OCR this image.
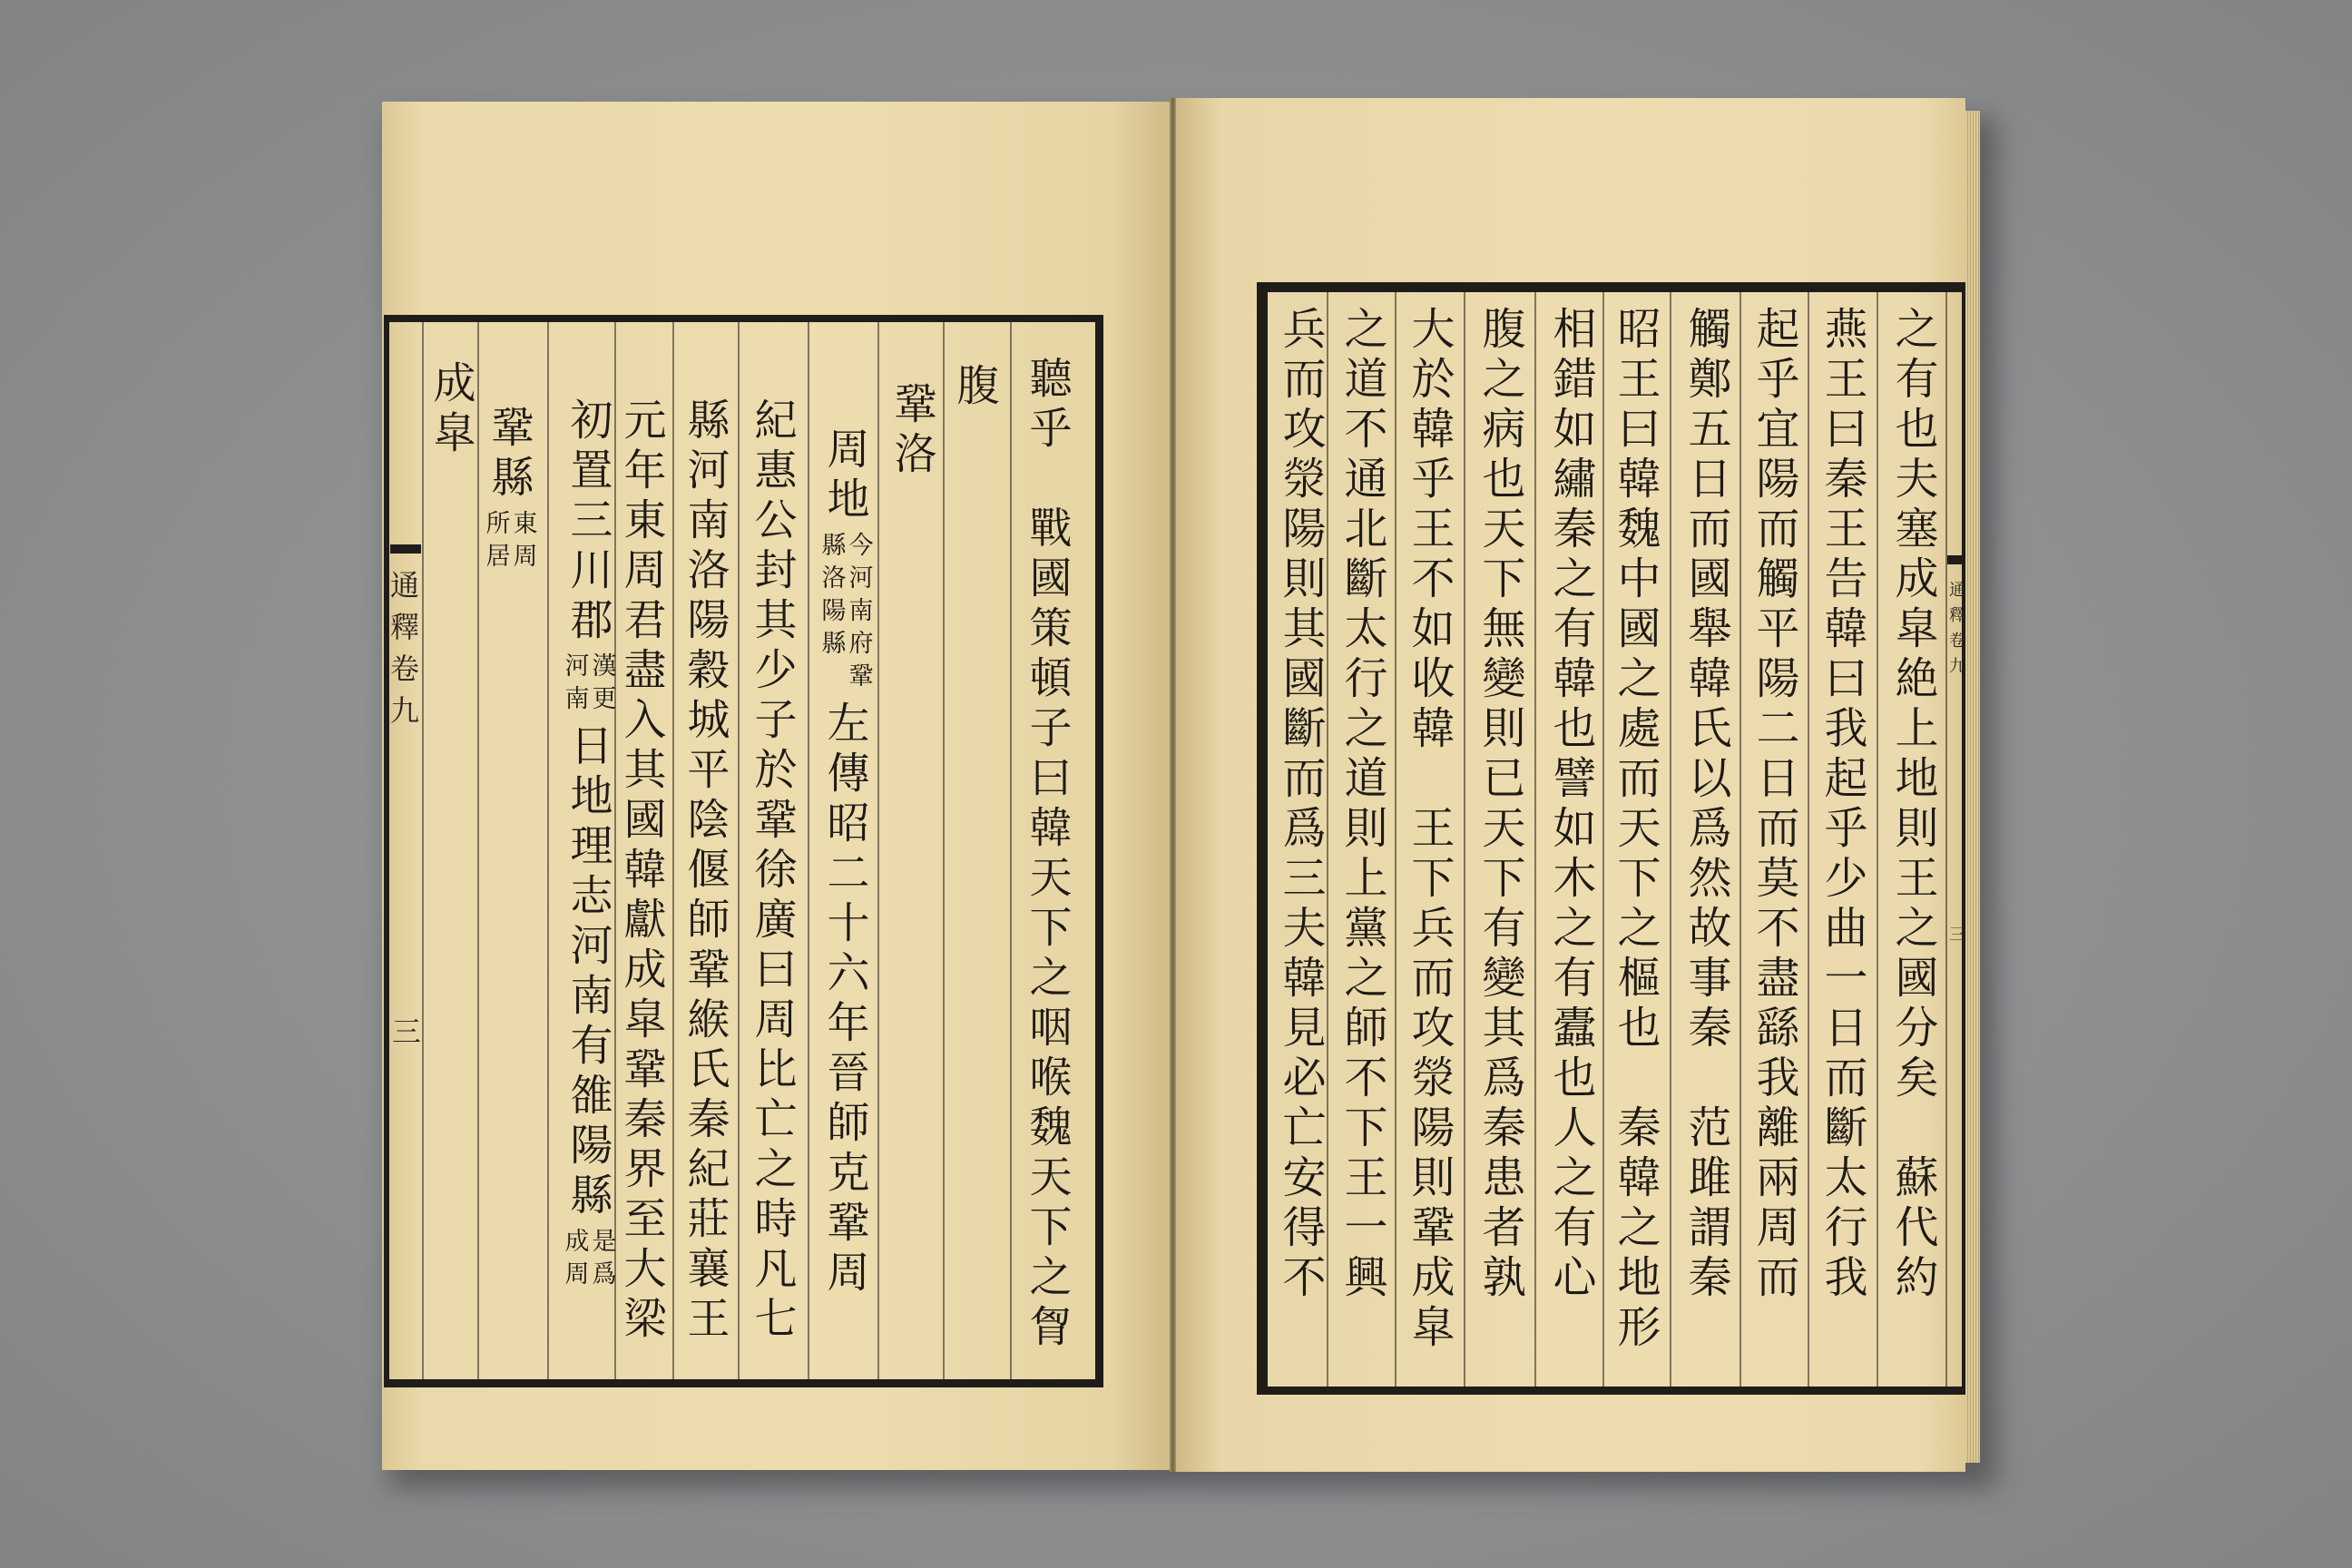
通釋卷九
三	聽乎　戰國策頓子曰韓天下之咽喉魏天下之胷
腹
鞏洛
周地
今河南府鞏
縣洛陽縣
左傳昭二十六年晉師克鞏周
紀惠公封其少子於鞏徐廣曰周比亡之時凡七
縣河南洛陽穀城平陰偃師鞏緱氏秦紀莊襄王
元年東周君盡入其國韓獻成皐鞏秦界至大梁
初置三川郡
漢更
河南
日地理志河南有雒陽縣
是爲
成周
鞏縣
東周
所居
成皐
通釋卷九
三
之有也夫塞成皐絶上地則王之國分矣　蘇代約
燕王曰秦王告韓曰我起乎少曲一日而斷太行我
起乎宜陽而觸平陽二日而莫不盡繇我離兩周而
觸鄭五日而國舉韓氏以爲然故事秦　范雎謂秦
昭王曰韓魏中國之處而天下之樞也　秦韓之地形
相錯如繡秦之有韓也譬如木之有蠹也人之有心
腹之病也天下無變則已天下有變其爲秦患者孰
大於韓乎王不如收韓　王下兵而攻滎陽則鞏成皐
之道不通北斷太行之道則上黨之師不下王一興
兵而攻滎陽則其國斷而爲三夫韓見必亡安得不
